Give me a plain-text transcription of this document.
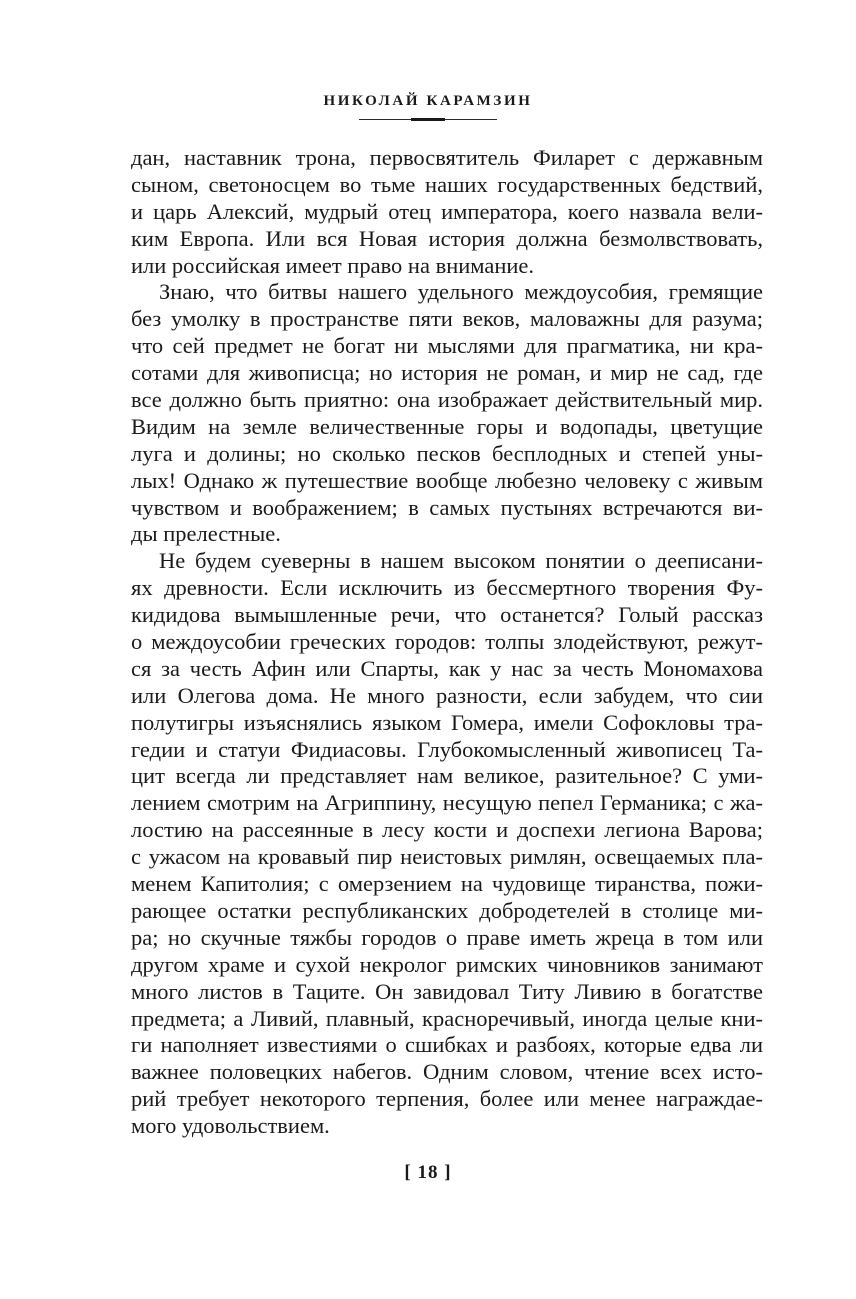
НИКОЛАЙ КАРАМЗИН
дан, наставник трона, первосвятитель Филарет с державным
сыном, светоносцем во тьме наших государственных бедствий,
и царь Алексий, мудрый отец императора, коего назвала вели-
ким Европа. Или вся Новая история должна безмолвствовать,
или российская имеет право на внимание.
Знаю, что битвы нашего удельного междоусобия, гремящие
без умолку в пространстве пяти веков, маловажны для разума;
что сей предмет не богат ни мыслями для прагматика, ни кра-
сотами для живописца; но история не роман, и мир не сад, где
все должно быть приятно: она изображает действительный мир.
Видим на земле величественные горы и водопады, цветущие
луга и долины; но сколько песков бесплодных и степей уны-
лых! Однако ж путешествие вообще любезно человеку с живым
чувством и воображением; в самых пустынях встречаются ви-
ды прелестные.
Не будем суеверны в нашем высоком понятии о дееписани-
ях древности. Если исключить из бессмертного творения Фу-
кидидова вымышленные речи, что останется? Голый рассказ
о междоусобии греческих городов: толпы злодействуют, режут-
ся за честь Афин или Спарты, как у нас за честь Мономахова
или Олегова дома. Не много разности, если забудем, что сии
полутигры изъяснялись языком Гомера, имели Софокловы тра-
гедии и статуи Фидиасовы. Глубокомысленный живописец Та-
цит всегда ли представляет нам великое, разительное? С уми-
лением смотрим на Агриппину, несущую пепел Германика; с жа-
лостию на рассеянные в лесу кости и доспехи легиона Варова;
с ужасом на кровавый пир неистовых римлян, освещаемых пла-
менем Капитолия; с омерзением на чудовище тиранства, пожи-
рающее остатки республиканских добродетелей в столице ми-
ра; но скучные тяжбы городов о праве иметь жреца в том или
другом храме и сухой некролог римских чиновников занимают
много листов в Таците. Он завидовал Титу Ливию в богатстве
предмета; а Ливий, плавный, красноречивый, иногда целые кни-
ги наполняет известиями о сшибках и разбоях, которые едва ли
важнее половецких набегов. Одним словом, чтение всех исто-
рий требует некоторого терпения, более или менее награждае-
мого удовольствием.
[ 18 ]
